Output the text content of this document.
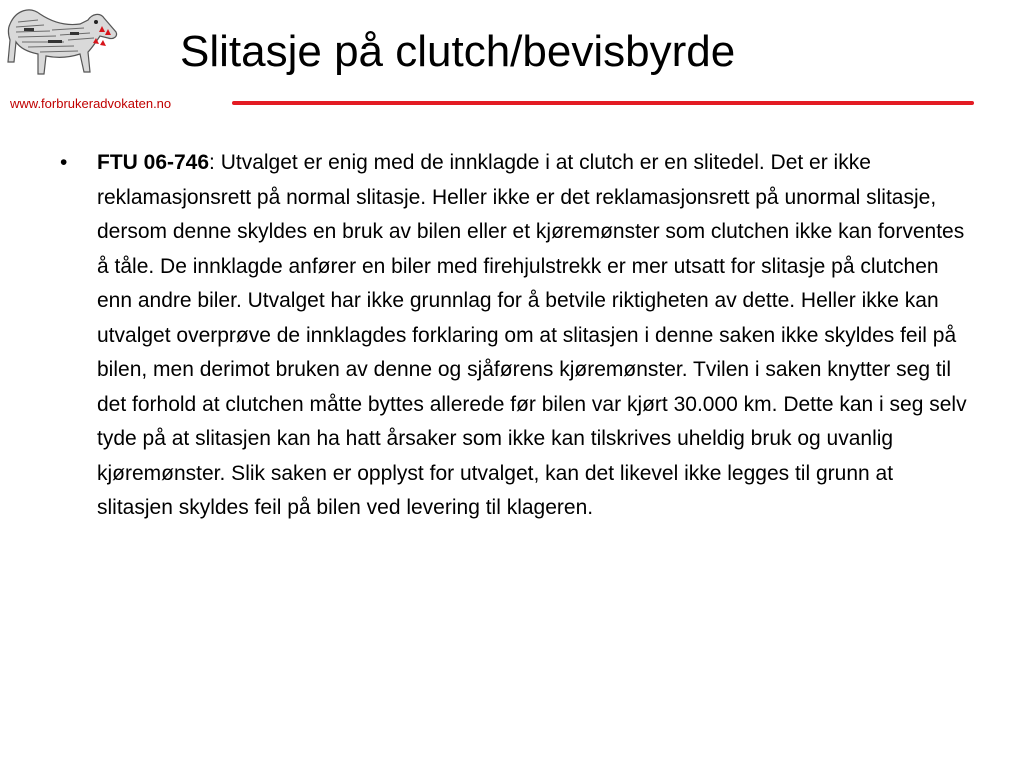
www.forbrukeradvokaten.no
Slitasje på clutch/bevisbyrde
• FTU 06-746: Utvalget er enig med de innklagde i at clutch er en slitedel. Det er ikke reklamasjonsrett på normal slitasje. Heller ikke er det reklamasjonsrett på unormal slitasje, dersom denne skyldes en bruk av bilen eller et kjøremønster som clutchen ikke kan forventes å tåle. De innklagde anfører en biler med firehjulstrekk er mer utsatt for slitasje på clutchen enn andre biler. Utvalget har ikke grunnlag for å betvile riktigheten av dette. Heller ikke kan utvalget overprøve de innklagdes forklaring om at slitasjen i denne saken ikke skyldes feil på bilen, men derimot bruken av denne og sjåførens kjøremønster. Tvilen i saken knytter seg til det forhold at clutchen måtte byttes allerede før bilen var kjørt 30.000 km. Dette kan i seg selv tyde på at slitasjen kan ha hatt årsaker som ikke kan tilskrives uheldig bruk og uvanlig kjøremønster. Slik saken er opplyst for utvalget, kan det likevel ikke legges til grunn at slitasjen skyldes feil på bilen ved levering til klageren.
